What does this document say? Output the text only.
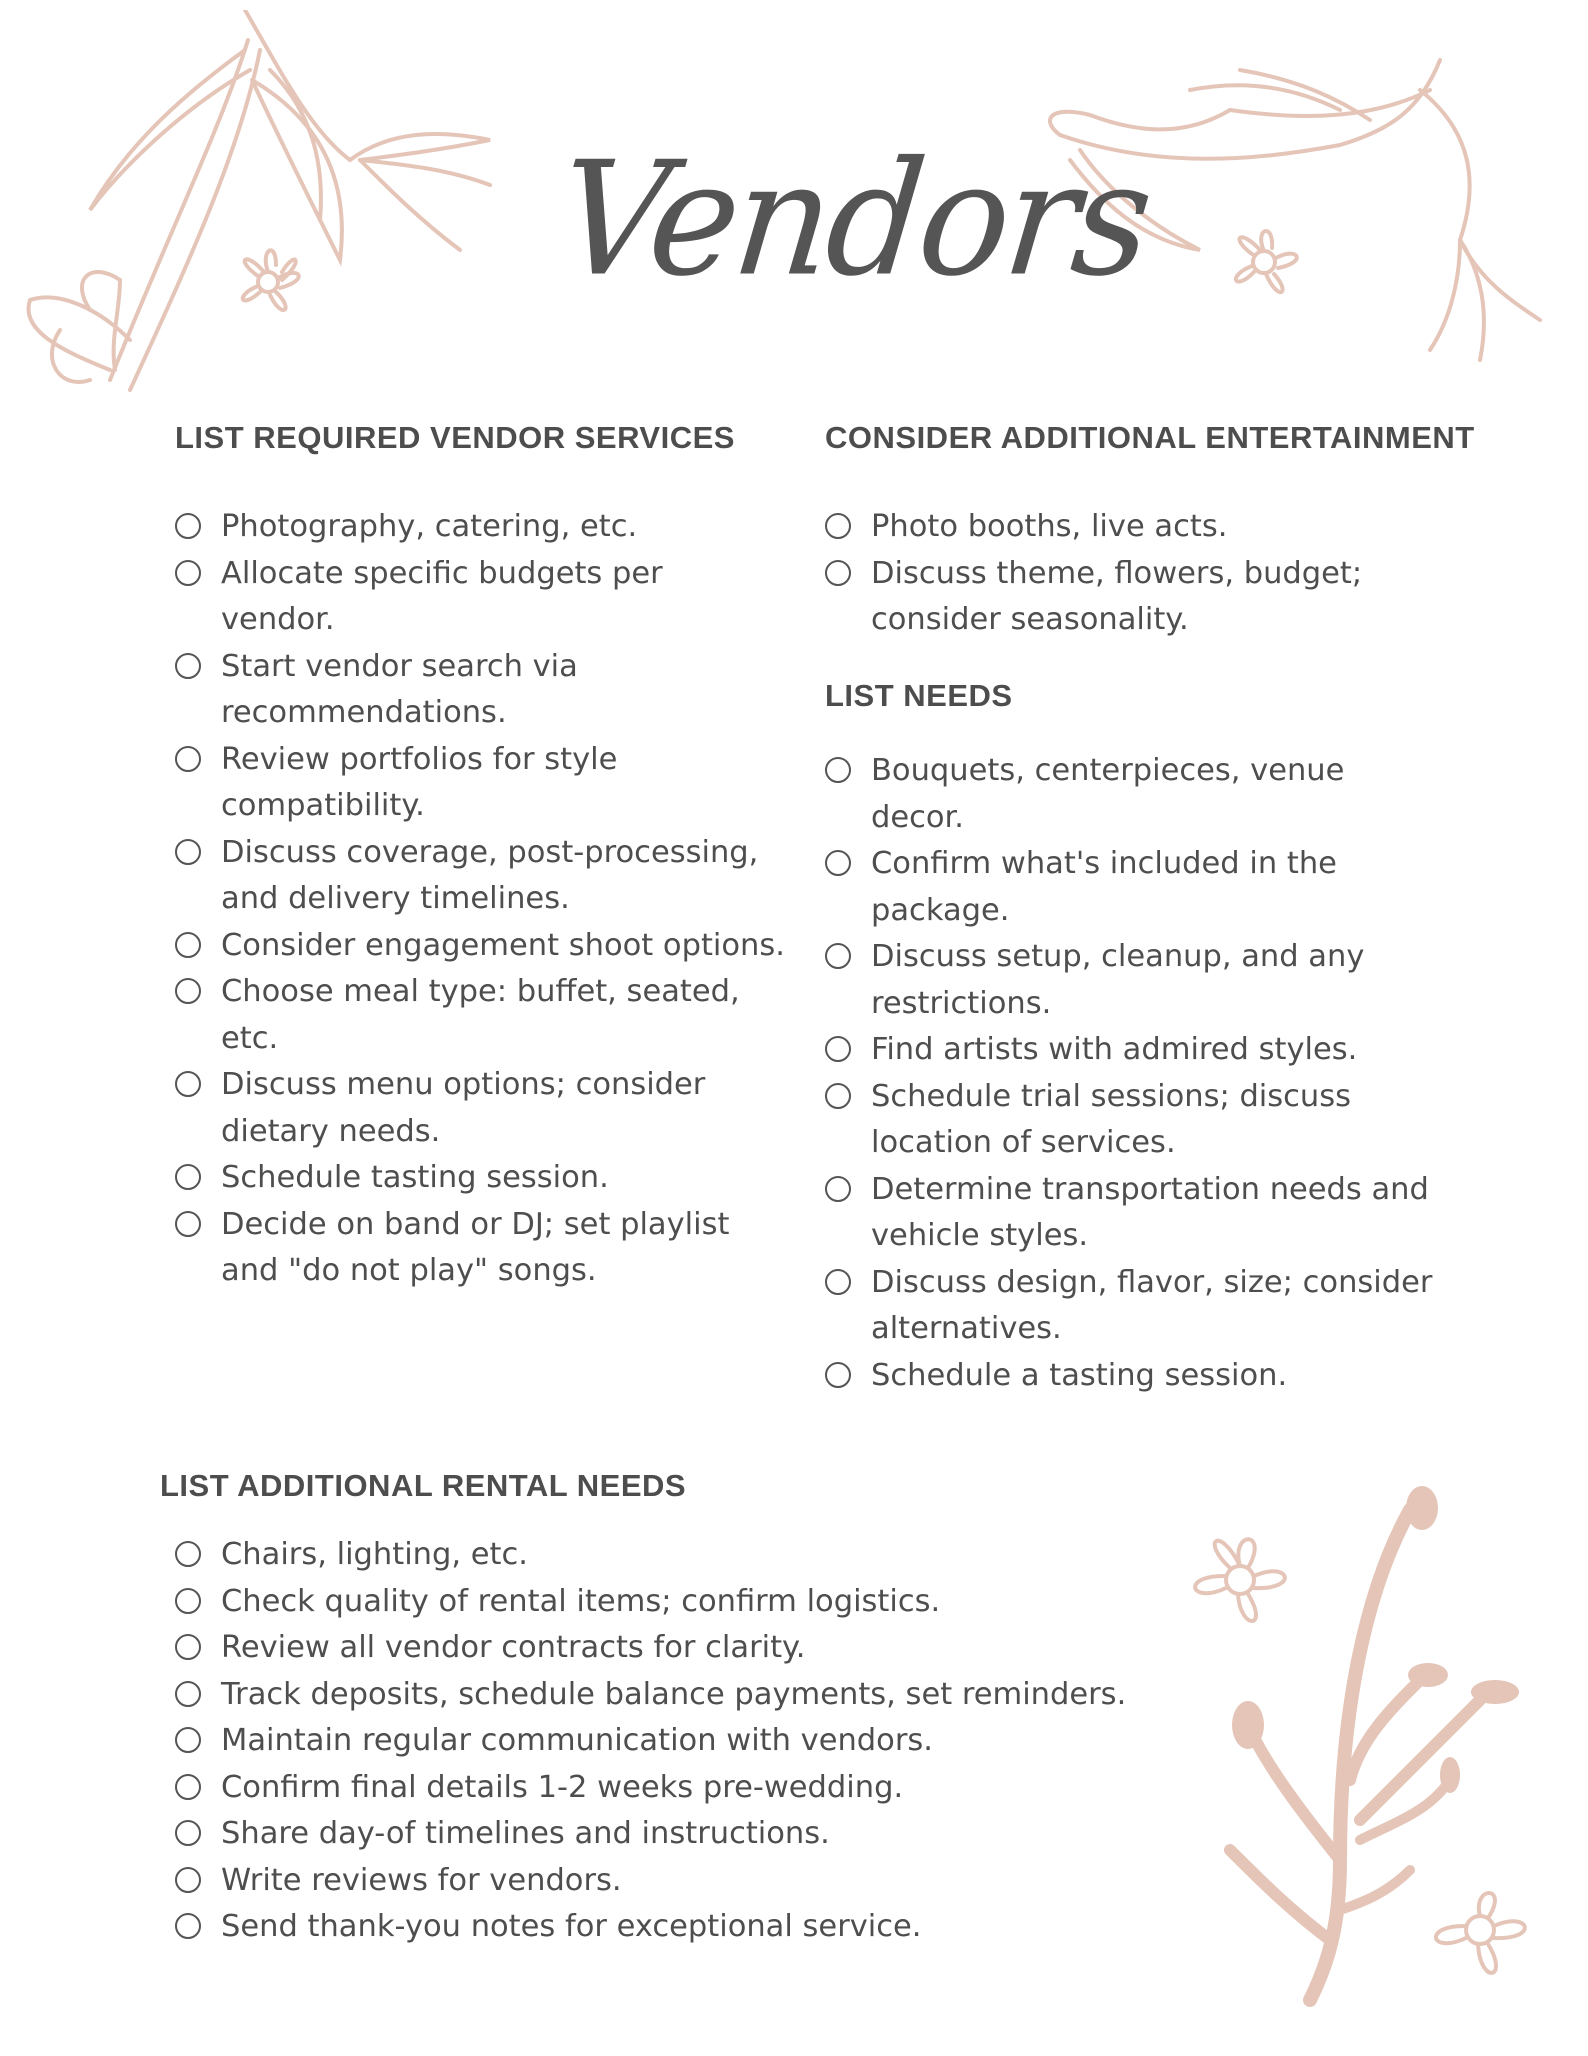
Vendors
LIST REQUIRED VENDOR SERVICES
Photography, catering, etc.
Allocate specific budgets per vendor.
Start vendor search via recommendations.
Review portfolios for style compatibility.
Discuss coverage, post-processing, and delivery timelines.
Consider engagement shoot options.
Choose meal type: buffet, seated, etc.
Discuss menu options; consider dietary needs.
Schedule tasting session.
Decide on band or DJ; set playlist and "do not play" songs.
CONSIDER ADDITIONAL ENTERTAINMENT
Photo booths, live acts.
Discuss theme, flowers, budget; consider seasonality.
LIST NEEDS
Bouquets, centerpieces, venue decor.
Confirm what's included in the package.
Discuss setup, cleanup, and any restrictions.
Find artists with admired styles.
Schedule trial sessions; discuss location of services.
Determine transportation needs and vehicle styles.
Discuss design, flavor, size; consider alternatives.
Schedule a tasting session.
LIST ADDITIONAL RENTAL NEEDS
Chairs, lighting, etc.
Check quality of rental items; confirm logistics.
Review all vendor contracts for clarity.
Track deposits, schedule balance payments, set reminders.
Maintain regular communication with vendors.
Confirm final details 1-2 weeks pre-wedding.
Share day-of timelines and instructions.
Write reviews for vendors.
Send thank-you notes for exceptional service.
